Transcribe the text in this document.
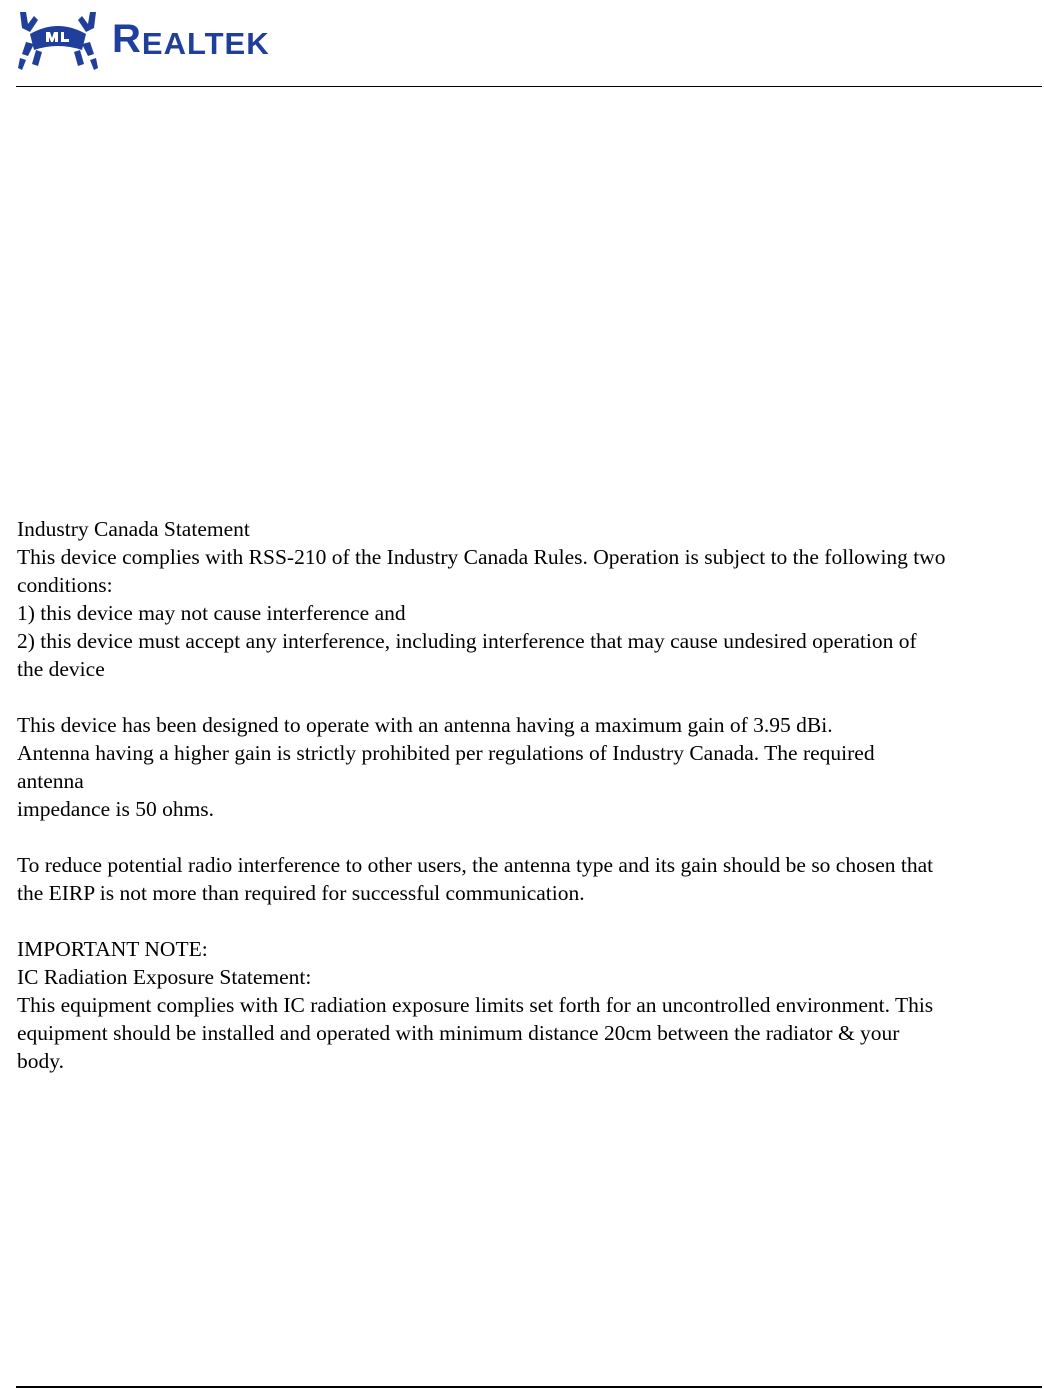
R EALTEK

Industry Canada Statement

This device complies with RSS-210 of the Industry Canada Rules. Operation is subject to the following two

conditions:

1) this device may not cause interference and

2) this device must accept any interference, including interference that may cause undesired operation of

the device

This device has been designed to operate with an antenna having a maximum gain of 3.95 dBi.

Antenna having a higher gain is strictly prohibited per regulations of Industry Canada. The required

antenna

impedance is 50 ohms.

To reduce potential radio interference to other users, the antenna type and its gain should be so chosen that

the EIRP is not more than required for successful communication.

IMPORTANT NOTE:

IC Radiation Exposure Statement:

This equipment complies with IC radiation exposure limits set forth for an uncontrolled environment. This

equipment should be installed and operated with minimum distance 20cm between the radiator & your

body.
